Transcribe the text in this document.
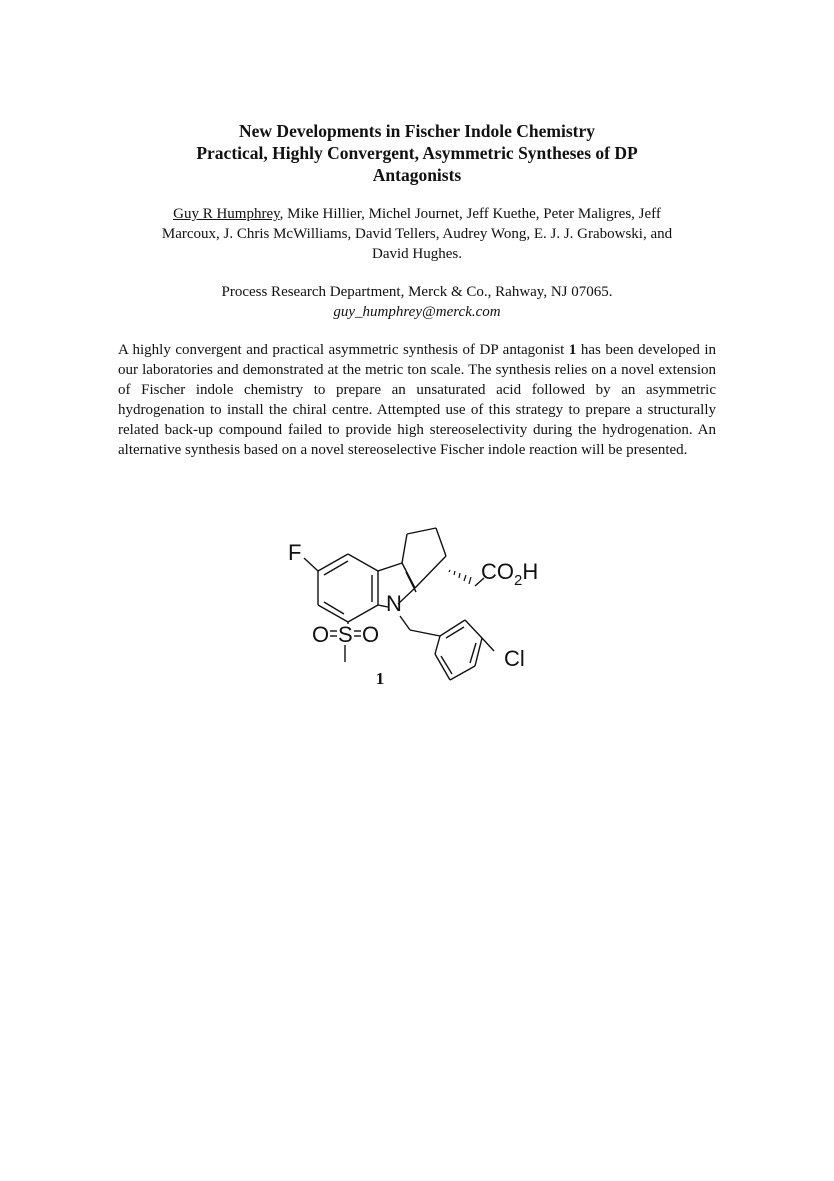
New Developments in Fischer Indole Chemistry
Practical, Highly Convergent, Asymmetric Syntheses of DP
Antagonists
Guy R Humphrey, Mike Hillier, Michel Journet, Jeff Kuethe, Peter Maligres, Jeff
Marcoux, J. Chris McWilliams, David Tellers, Audrey Wong, E. J. J. Grabowski, and
David Hughes.
Process Research Department, Merck & Co., Rahway, NJ 07065.
guy_humphrey@merck.com
A highly convergent and practical asymmetric synthesis of DP antagonist 1 has been developed in our laboratories and demonstrated at the metric ton scale. The synthesis relies on a novel extension of Fischer indole chemistry to prepare an unsaturated acid followed by an asymmetric hydrogenation to install the chiral centre. Attempted use of this strategy to prepare a structurally related back-up compound failed to provide high stereoselectivity during the hydrogenation. An alternative synthesis based on a novel stereoselective Fischer indole reaction will be presented.
F
N
S
O O
Cl
$CO_2H$
1
